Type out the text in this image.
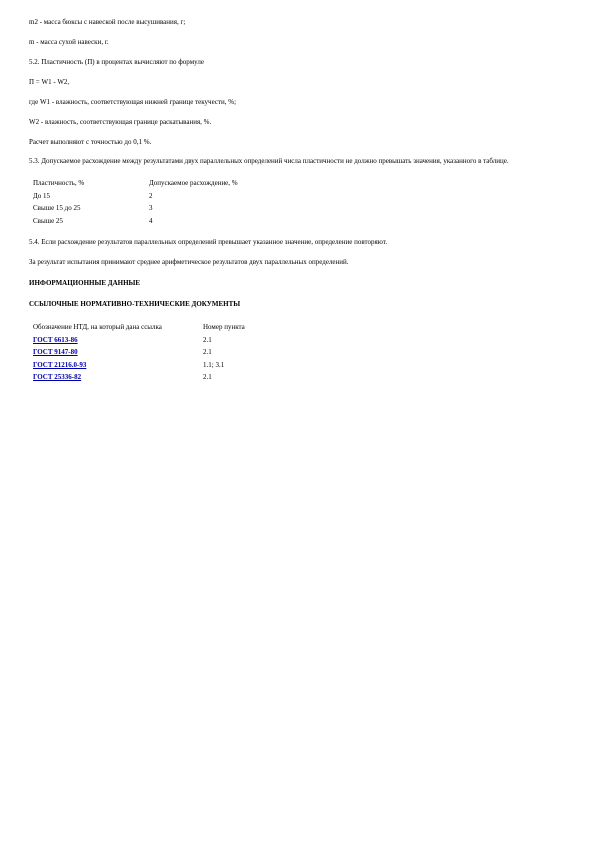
m2 - масса бюксы с навеской после высушивания, г;

m - масса сухой навески, г.

5.2. Пластичность (П) в процентах вычисляют по формуле

П = W1 - W2,

где W1 - влажность, соответствующая нижней границе текучести, %;

W2 - влажность, соответствующая границе раскатывания, %.

Расчет выполняют с точностью до 0,1 %.

5.3. Допускаемое расхождение между результатами двух параллельных определений числа пластичности не должно превышать значения, указанного в таблице.

Пластичность, %	Допускаемое расхождение, %
До 15	2
Свыше 15 до 25	3
Свыше 25	4

5.4. Если расхождение результатов параллельных определений превышает указанное значение, определение повторяют.

За результат испытания принимают среднее арифметическое результатов двух параллельных определений.

ИНФОРМАЦИОННЫЕ ДАННЫЕ

ССЫЛОЧНЫЕ НОРМАТИВНО-ТЕХНИЧЕСКИЕ ДОКУМЕНТЫ

Обозначение НТД, на который дана ссылка	Номер пункта
ГОСТ 6613-86	2.1
ГОСТ 9147-80	2.1
ГОСТ 21216.0-93	1.1; 3.1
ГОСТ 25336-82	2.1
